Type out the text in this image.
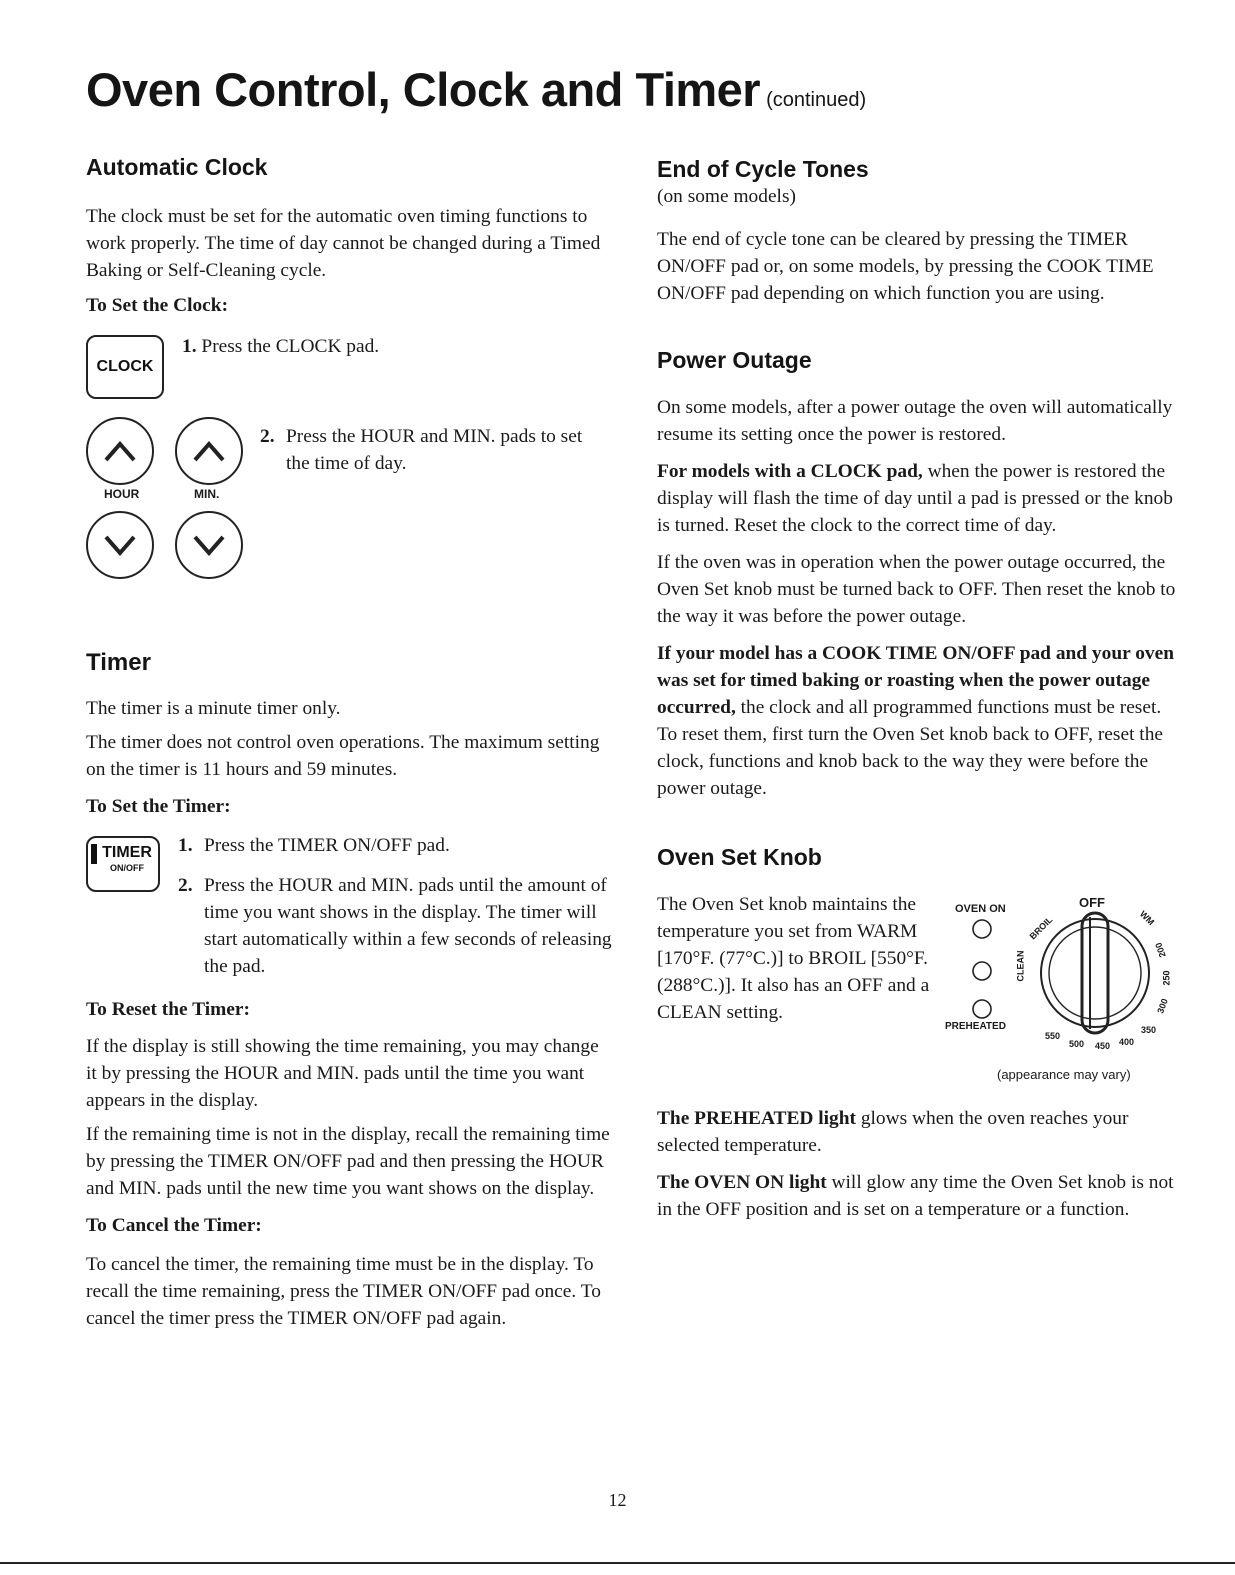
Oven Control, Clock and Timer (continued)
Automatic Clock

The clock must be set for the automatic oven timing functions to work properly. The time of day cannot be changed during a Timed Baking or Self-Cleaning cycle.

To Set the Clock:
CLOCK
1. Press the CLOCK pad.
HOUR	MIN.
2. Press the HOUR and MIN. pads to set the time of day.
Timer

The timer is a minute timer only.

The timer does not control oven operations. The maximum setting on the timer is 11 hours and 59 minutes.

To Set the Timer:
TIMER
ON/OFF
1. Press the TIMER ON/OFF pad.
2. Press the HOUR and MIN. pads until the amount of time you want shows in the display. The timer will start automatically within a few seconds of releasing the pad.
To Reset the Timer:

If the display is still showing the time remaining, you may change it by pressing the HOUR and MIN. pads until the time you want appears in the display.

If the remaining time is not in the display, recall the remaining time by pressing the TIMER ON/OFF pad and then pressing the HOUR and MIN. pads until the new time you want shows on the display.

To Cancel the Timer:

To cancel the timer, the remaining time must be in the display. To recall the time remaining, press the TIMER ON/OFF pad once. To cancel the timer press the TIMER ON/OFF pad again.

End of Cycle Tones

(on some models)

The end of cycle tone can be cleared by pressing the TIMER ON/OFF pad or, on some models, by pressing the COOK TIME ON/OFF pad depending on which function you are using.

Power Outage

On some models, after a power outage the oven will automatically resume its setting once the power is restored.

For models with a CLOCK pad, when the power is restored the display will flash the time of day until a pad is pressed or the knob is turned. Reset the clock to the correct time of day.

If the oven was in operation when the power outage occurred, the Oven Set knob must be turned back to OFF. Then reset the knob to the way it was before the power outage.

If your model has a COOK TIME ON/OFF pad and your oven was set for timed baking or roasting when the power outage occurred, the clock and all programmed functions must be reset. To reset them, first turn the Oven Set knob back to OFF, reset the clock, functions and knob back to the way they were before the power outage.

Oven Set Knob

The Oven Set knob maintains the temperature you set from WARM [170°F. (77°C.)] to BROIL [550°F. (288°C.)]. It also has an OFF and a CLEAN setting.

OVEN ON	OFF
PREHEATED
CLEAN
BROIL	WM
550
500 450 400
350
300
250
200
(appearance may vary)

The PREHEATED light glows when the oven reaches your selected temperature.

The OVEN ON light will glow any time the Oven Set knob is not in the OFF position and is set on a temperature or a function.

12
